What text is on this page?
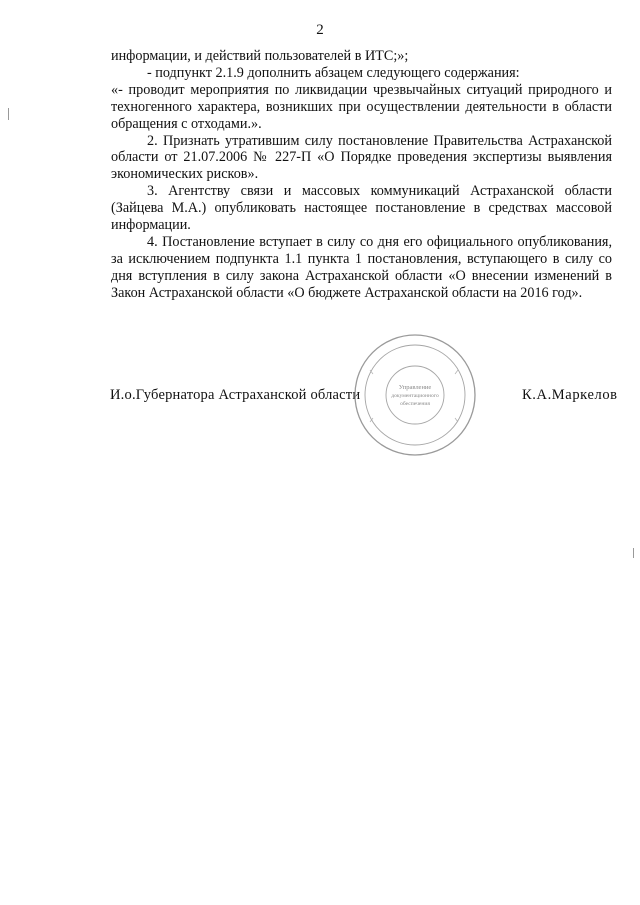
2

информации, и действий пользователей в ИТС;»;

- подпункт 2.1.9 дополнить абзацем следующего содержания:

«- проводит мероприятия по ликвидации чрезвычайных ситуаций природного и техногенного характера, возникших при осуществлении деятельности в области обращения с отходами.».

2. Признать утратившим силу постановление Правительства Астраханской области от 21.07.2006 № 227-П «О Порядке проведения экспертизы выявления экономических рисков».

3. Агентству связи и массовых коммуникаций Астраханской области (Зайцева М.А.) опубликовать настоящее постановление в средствах массовой информации.

4. Постановление вступает в силу со дня его официального опубликования, за исключением подпункта 1.1 пункта 1 постановления, вступающего в силу со дня вступления в силу закона Астраханской области «О внесении изменений в Закон Астраханской области «О бюджете Астраханской области на 2016 год».

И.о.Губернатора Астраханской области	Управление
документационного
обеспечения
К.А.Маркелов
